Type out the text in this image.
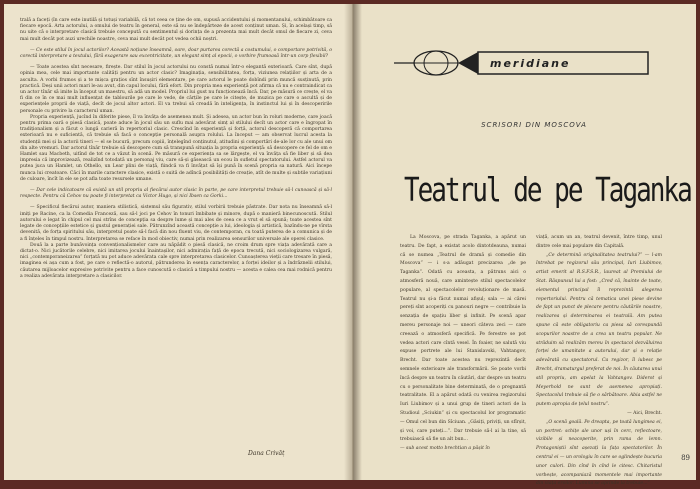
trală a faceți (în care este inutilă și totuși variabilă, că tot ceea ce ține de om, supusă accidentului și momentanului, schimbătoare ca fiecare epocă. Arta actorului, a omului de teatru în general, este să nu se îndepărteze de acest conținut uman. Și, în același timp, să nu uite că o interpretare clasică trebuie concepută cu sentimentul și dorința de a prezenta mai mult decât omul de fiecare zi, ceva mai mult decât pot auzi urechile noastre, ceva mai mult decât pot vedea ochii noștri.

— Ce este stilul în jocul actorilor? Această noțiune înseamnă, oare, doar purtarea corectă a costumului, o comportare potrivită, o corectă interpretare a textului, fără exagerare sau excentricitate, un elegant simț al epocii, o vorbire frumoasă într-un corp flexibil?

— Toate acestea sînt necesare, firește. Dar stilul în jocul actorului nu constă numai într-o elegantă exterioară. Care sînt, după opinia mea, cele mai importante calități pentru un actor clasic? Imaginația, sensibilitatea, forța, viziunea relațiilor și arta de a asculta. A vorbi frumos și a te mișca grațios sînt însușiri elementare, pe care actorul le poate dobîndi prin muncă susținută, prin practică. Deși unii actori mari le-au avut, din capul locului, fără efort. Din propria mea experiență pot afirma că nu e contraindicat ca un actor tînăr să imite la început un maestru, să adă un model. Propriul lui gust nu funcționează încă. Dar, pe măsură ce crește, el va fi din ce în ce mai mult influențat de tablourile pe care le vede, de cărțile pe care le citește, de muzica pe care o ascultă și de experiențele proprii de viață, decît de jocul altor actori. El va trebui să creadă în inteligența, în instinctul lui și în descoperirile personale cu privire la caracterul uman.

Propria experiență, jucînd în diferite piese, îl va învăța de asemenea mult. Și adesea, un actor bun în roluri moderne, care joacă pentru prima oară o piesă clasică, poate aduce în jocul său un suflu mai adevărat simț al stilului decît un actor care e îngropat în tradiționalism și a făcut o lungă carieră în repertoriul clasic. Crescînd în experiență și forță, actorul descoperă că comportarea exterioară nu e suficientă, că trebuie să facă o concepție personală asupra rolului. La început — am observat lucrul acesta la studenții mei și la actorii tineri — el se bucură, precum copiii, înțelegînd conținutul, atitudini și comportări de-ale lor cu ale unui om din alte vremuri. Dar actorul tînăr trebuie să descopere cum să transpună situația la propria experiență: să descopere ce fel de om e Hamlet sau Macbeth, uitînd de tot ce a văzut în scenă. Pe măsură ce experiența sa se lărgește, el va învăța să fie liber și să dea impresia că improvizează, realizînd totodată un personaj viu, care să-și găsească un ecou în sufletul spectatorului. Astfel actorul va putea juca un Hamlet, un Othello, un Lear plini de viață, fiindcă va fi învățat să își pună în scenă propria sa natură. Aici începe munca lui creatoare. Căci în marile caractere clasice, există o suită de adîncă posibilități de creație, atît de multe și subtile variațiuni de culoare, încît în ele se pot afla toate resursele umane.

— Dar cele indicatoare că există un stil propriu al fiecărui autor clasic în parte, pe care interpretul trebuie să-l cunoască și să-l respecte. Pentru că Cehov nu poate fi interpretat ca Victor Hugo, și nici Ibsen ca Gorki...

— Specificul fiecărui autor, maniera stilistică, sistemul său figurativ, stilul vorbirii trebuie păstrate. Dar nota nu înseamnă să-l imiți pe Racine, ca la Comedia Franceză, sau să-l joci pe Cehov în tonuri îmbibate și minore, după o manieră binecunoscută. Stilul autorului e legat în chipul cel mai strîns de concepția sa despre lume și mai ales de ceea ce a vrut el să spună; toate acestea sînt legate de concepțiile estetice și gustul generației sale. Pătrunzînd această concepție a lui, ideologia și artistică, bazîndu-ne pe vîrsta devenită, de forța spiritului său, interpretul poate să-l facă din nou fluent viu, de contemporan, cu toată puterea de a comunica și de a fi înțeles în timpul nostru. Interpretarea se reface în mod obiectiv, numai prin realizarea sensurilor universale ale operei clasice.

Două la a parte bunăvoința convenționalismelor care au năpădit o piesă clasică, ne croim drum spre viața adevărată care a dictat-o. Nici jucătorile celebre, nici imitarea jocului înaintașilor, nici admirația față de epoca trecută, nici sociologizarea vulgară, nici „contemporaneizarea” forțată nu pot aduce adevărata cale spre interpretarea clasicelor. Cunoașterea vieții care tresare în piesă, imaginea ei așa cum a fost, pe care o reflectă-o autorul, pătrunderea în esența caracterelor, a forței ideilor și a îndrăznelii stilului, căutarea mijloacelor expresive potrivite pentru a face cunoscută o clasică a timpului nostru — acesta e calea cea mai rodnică pentru a realiza adevărata interpretare a clasicilor.

Dana Crivăț
meridiane
SCRISORI DIN MOSCOVA
Teatrul de pe Taganka

La Moscova, pe strada Taganka, a apărut un teatru. De fapt, a existat acolo dintotdeauna, numai că se numea „Teatrul de dramă și comedie din Moscova” — i s-a adăugat precizarea „de pe Taganka”. Odată cu aceasta, a pătruns aici o atmosferă nouă, care amintește stilul spectacolelor populare, al spectacolelor revoluționare de masă. Teatrul nu și-a făcut numai afișul; sala — ai cărei pereți sînt acoperiți cu panouri negre — contribuie la senzația de spațiu liber și infinit. Pe scenă apar mereu personaje noi — uneori câteva zeci — care creează o atmosferă specifică. Pe ferestre se pot vedea actori care cîntă vesel. În foaier, ne salută viu expuse portrete ale lui Stanislavski, Vahtangov, Brecht. Dar toate acestea nu reprezintă decît semnele exterioare ale transformării. Se poate vorbi încă despre un teatru în căutări, dar despre un teatru cu o personalitate bine determinată, de o pregnantă teatralitate. El a apărut odată cu venirea regizorului Iuri Liubimov și a unui grup de tineri actori de la Studioul „Sciukin” și cu spectacolul lor programatic — Omul cel bun din Sîciuan. „Găsiți, priviți, un sfîrșit, și voi, care puteți...”. Dar trebuie să-l ai la tine, să trebuiască să fie un alt bun...

— sub acest motto brechtian a pășit în

viață, acum un an, teatrul devenit, între timp, unul dintre cele mai populare din Capitală.

„Ce determină originalitatea teatrului?” — l-am întrebat pe regizorul său principal, Iuri Liubimov, artist emerit al R.S.F.S.R., laureat al Premiului de Stat. Răspunsul lui a fost: „Cred că, înainte de toate, elementul principal îl reprezintă alegerea repertoriului. Pentru că tematica unei piese devine de fapt un punct de plecare pentru căutările noastre, realizarea și determinarea ei teatrală. Am putea spune că este obligatoriu ca piesa să corespundă scopurilor noastre de a crea un teatru popular. Ne străduim să realizăm mereu în spectacol dezvăluirea forței de umanitate a autorului, dar și o relație adevărată cu spectatorul. Ca regizor, îl iubesc pe Brecht, dramaturgul preferat de noi. În căutarea unui stil propriu, am apelat la Vahtangov. Diderot și Meyerhold ne sunt de asemenea apropiați. Spectacolul trebuie să fie o sărbătoare. Abia astfel ne putem apropia de țelul nostru”.

— Aici, Brecht.

„O scenă goală. Pe dreapta, pe toată lungimea ei, un portret: schițe ale unor uși în cerc, reflectoare, vizibile și neacoperite, prin rama de lemn. Protagoniștii sînt așezați la fața spectatorilor. În centrul ei — un orologiu în care se oglindește bucuria unor culori. Din cînd în cînd le citesc. Chitaristul vorbește, acompaniază momentele mai importante din viața eroilor. Lumina se aprinde la trebuie...”

89
